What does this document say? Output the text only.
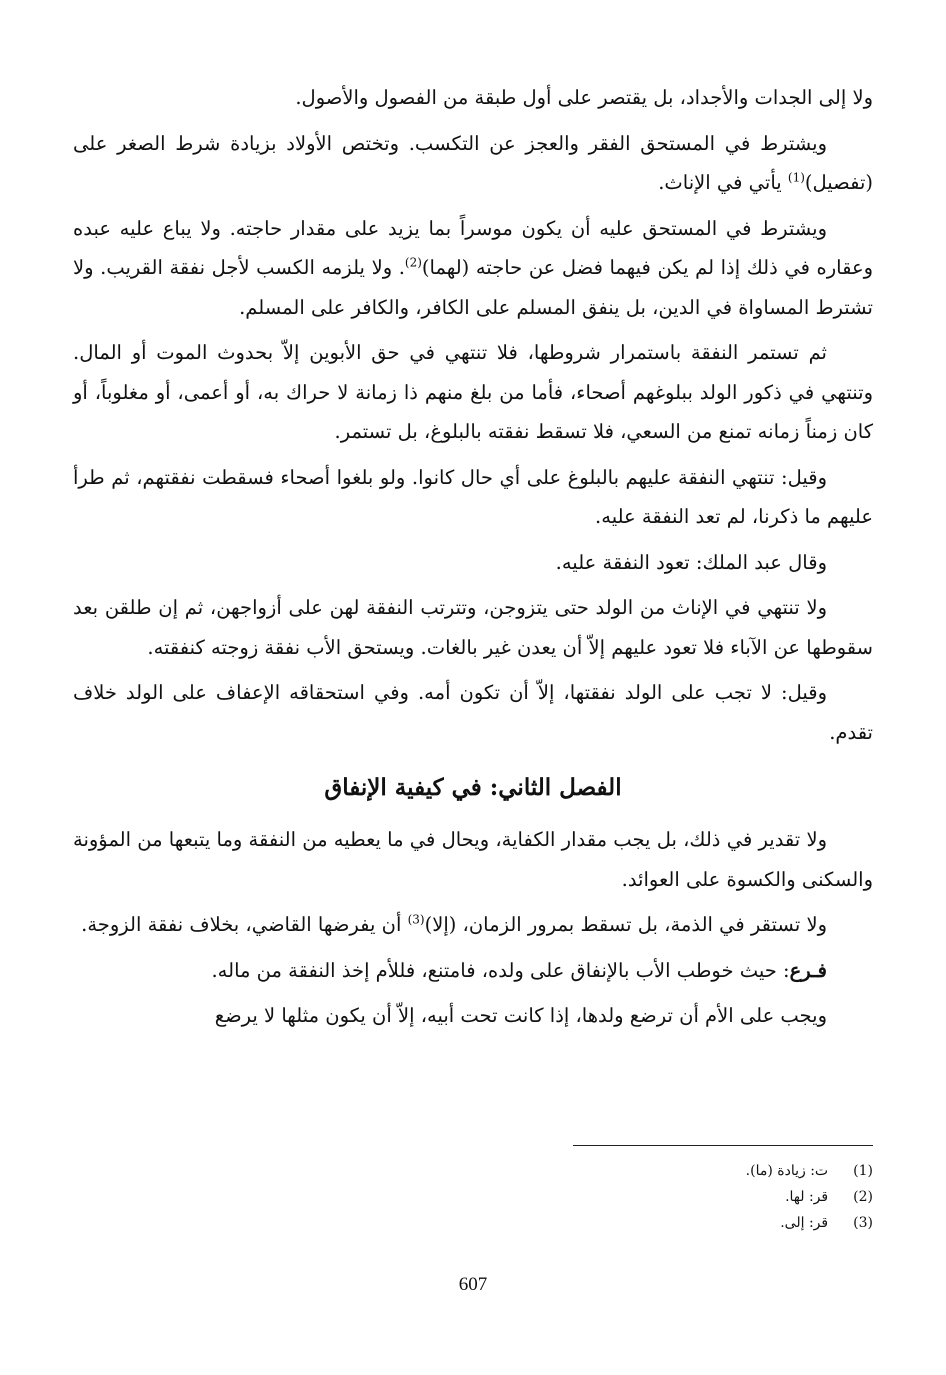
ولا إلى الجدات والأجداد، بل يقتصر على أول طبقة من الفصول والأصول.

ويشترط في المستحق الفقر والعجز عن التكسب. وتختص الأولاد بزيادة شرط الصغر على (تفصيل)$^{(1)}$ يأتي في الإناث.

ويشترط في المستحق عليه أن يكون موسراً بما يزيد على مقدار حاجته. ولا يباع عليه عبده وعقاره في ذلك إذا لم يكن فيهما فضل عن حاجته (لهما)$^{(2)}$. ولا يلزمه الكسب لأجل نفقة القريب. ولا تشترط المساواة في الدين، بل ينفق المسلم على الكافر، والكافر على المسلم.

ثم تستمر النفقة باستمرار شروطها، فلا تنتهي في حق الأبوين إلاّ بحدوث الموت أو المال. وتنتهي في ذكور الولد ببلوغهم أصحاء، فأما من بلغ منهم ذا زمانة لا حراك به، أو أعمى، أو مغلوباً، أو كان زمناً زمانه تمنع من السعي، فلا تسقط نفقته بالبلوغ، بل تستمر.

وقيل: تنتهي النفقة عليهم بالبلوغ على أي حال كانوا. ولو بلغوا أصحاء فسقطت نفقتهم، ثم طرأ عليهم ما ذكرنا، لم تعد النفقة عليه.

وقال عبد الملك: تعود النفقة عليه.

ولا تنتهي في الإناث من الولد حتى يتزوجن، وتترتب النفقة لهن على أزواجهن، ثم إن طلقن بعد سقوطها عن الآباء فلا تعود عليهم إلاّ أن يعدن غير بالغات. ويستحق الأب نفقة زوجته كنفقته.

وقيل: لا تجب على الولد نفقتها، إلاّ أن تكون أمه. وفي استحقاقه الإعفاف على الولد خلاف تقدم.

الفصل الثاني: في كيفية الإنفاق

ولا تقدير في ذلك، بل يجب مقدار الكفاية، ويحال في ما يعطيه من النفقة وما يتبعها من المؤونة والسكنى والكسوة على العوائد.

ولا تستقر في الذمة، بل تسقط بمرور الزمان، (إلا)$^{(3)}$ أن يفرضها القاضي، بخلاف نفقة الزوجة.

فـرع: حيث خوطب الأب بالإنفاق على ولده، فامتنع، فللأم إخذ النفقة من ماله.

ويجب على الأم أن ترضع ولدها، إذا كانت تحت أبيه، إلاّ أن يكون مثلها لا يرضع

(1)  ت: زيادة (ما).
(2)  قر: لها.
(3)  قر: إلى.
607
